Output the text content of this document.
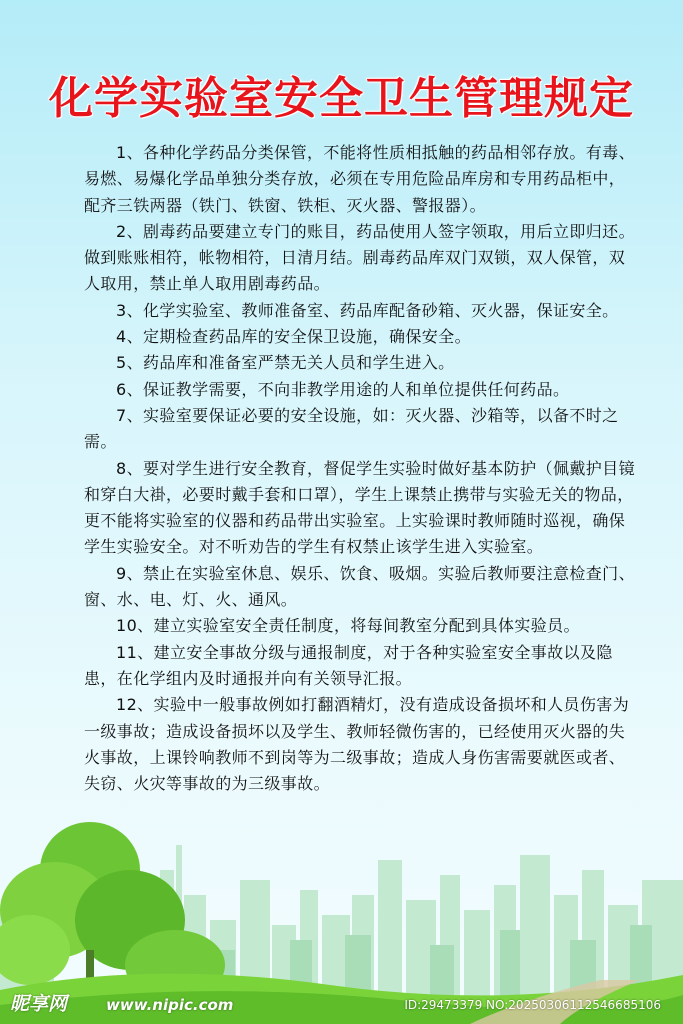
化学实验室安全卫生管理规定

1、各种化学药品分类保管，不能将性质相抵触的药品相邻存放。有毒、易燃、易爆化学品单独分类存放，必须在专用危险品库房和专用药品柜中，配齐三铁两器（铁门、铁窗、铁柜、灭火器、警报器）。

2、剧毒药品要建立专门的账目，药品使用人签字领取，用后立即归还。做到账账相符，帐物相符，日清月结。剧毒药品库双门双锁，双人保管，双人取用，禁止单人取用剧毒药品。

3、化学实验室、教师准备室、药品库配备砂箱、灭火器，保证安全。

4、定期检查药品库的安全保卫设施，确保安全。

5、药品库和准备室严禁无关人员和学生进入。

6、保证教学需要，不向非教学用途的人和单位提供任何药品。

7、实验室要保证必要的安全设施，如：灭火器、沙箱等，以备不时之需。

8、要对学生进行安全教育，督促学生实验时做好基本防护（佩戴护目镜和穿白大褂，必要时戴手套和口罩），学生上课禁止携带与实验无关的物品，更不能将实验室的仪器和药品带出实验室。上实验课时教师随时巡视，确保学生实验安全。对不听劝告的学生有权禁止该学生进入实验室。

9、禁止在实验室休息、娱乐、饮食、吸烟。实验后教师要注意检查门、窗、水、电、灯、火、通风。

10、建立实验室安全责任制度，将每间教室分配到具体实验员。

11、建立安全事故分级与通报制度，对于各种实验室安全事故以及隐患，在化学组内及时通报并向有关领导汇报。

12、实验中一般事故例如打翻酒精灯，没有造成设备损坏和人员伤害为一级事故；造成设备损坏以及学生、教师轻微伤害的，已经使用灭火器的失火事故，上课铃响教师不到岗等为二级事故；造成人身伤害需要就医或者、失窃、火灾等事故的为三级事故。

昵享网	www.nipic.com	ID:29473379 NO:20250306112546685106
